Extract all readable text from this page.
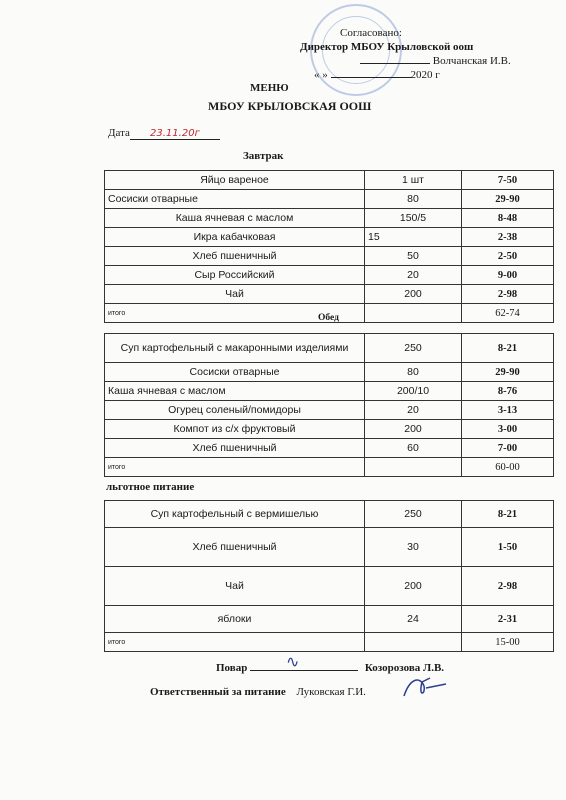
Согласовано:
Директор МБОУ Крыловской оош
Волчанская И.В.
« »	2020 г
МЕНЮ
МБОУ КРЫЛОВСКАЯ ООШ
Дата 23.11.20г
Завтрак
Яйцо вареное	1 шт	7-50
Сосиски отварные	80	29-90
Каша ячневая с маслом	150/5	8-48
Икра кабачковая	15	2-38
Хлеб пшеничный	50	2-50
Сыр Российский	20	9-00
Чай	200	2-98
итого		62-74
Обед
Суп картофельный с макаронными изделиями	250	8-21
Сосиски отварные	80	29-90
Каша ячневая с маслом	200/10	8-76
Огурец соленый/помидоры	20	3-13
Компот из с/х фруктовый	200	3-00
Хлеб пшеничный	60	7-00
итого		60-00
льготное питание
Суп картофельный с вермишелью	250	8-21
Хлеб пшеничный	30	1-50
Чай	200	2-98
яблоки	24	2-31
итого		15-00
Повар	Козорозова Л.В.
∿
Ответственный за питание Луковская Г.И.
